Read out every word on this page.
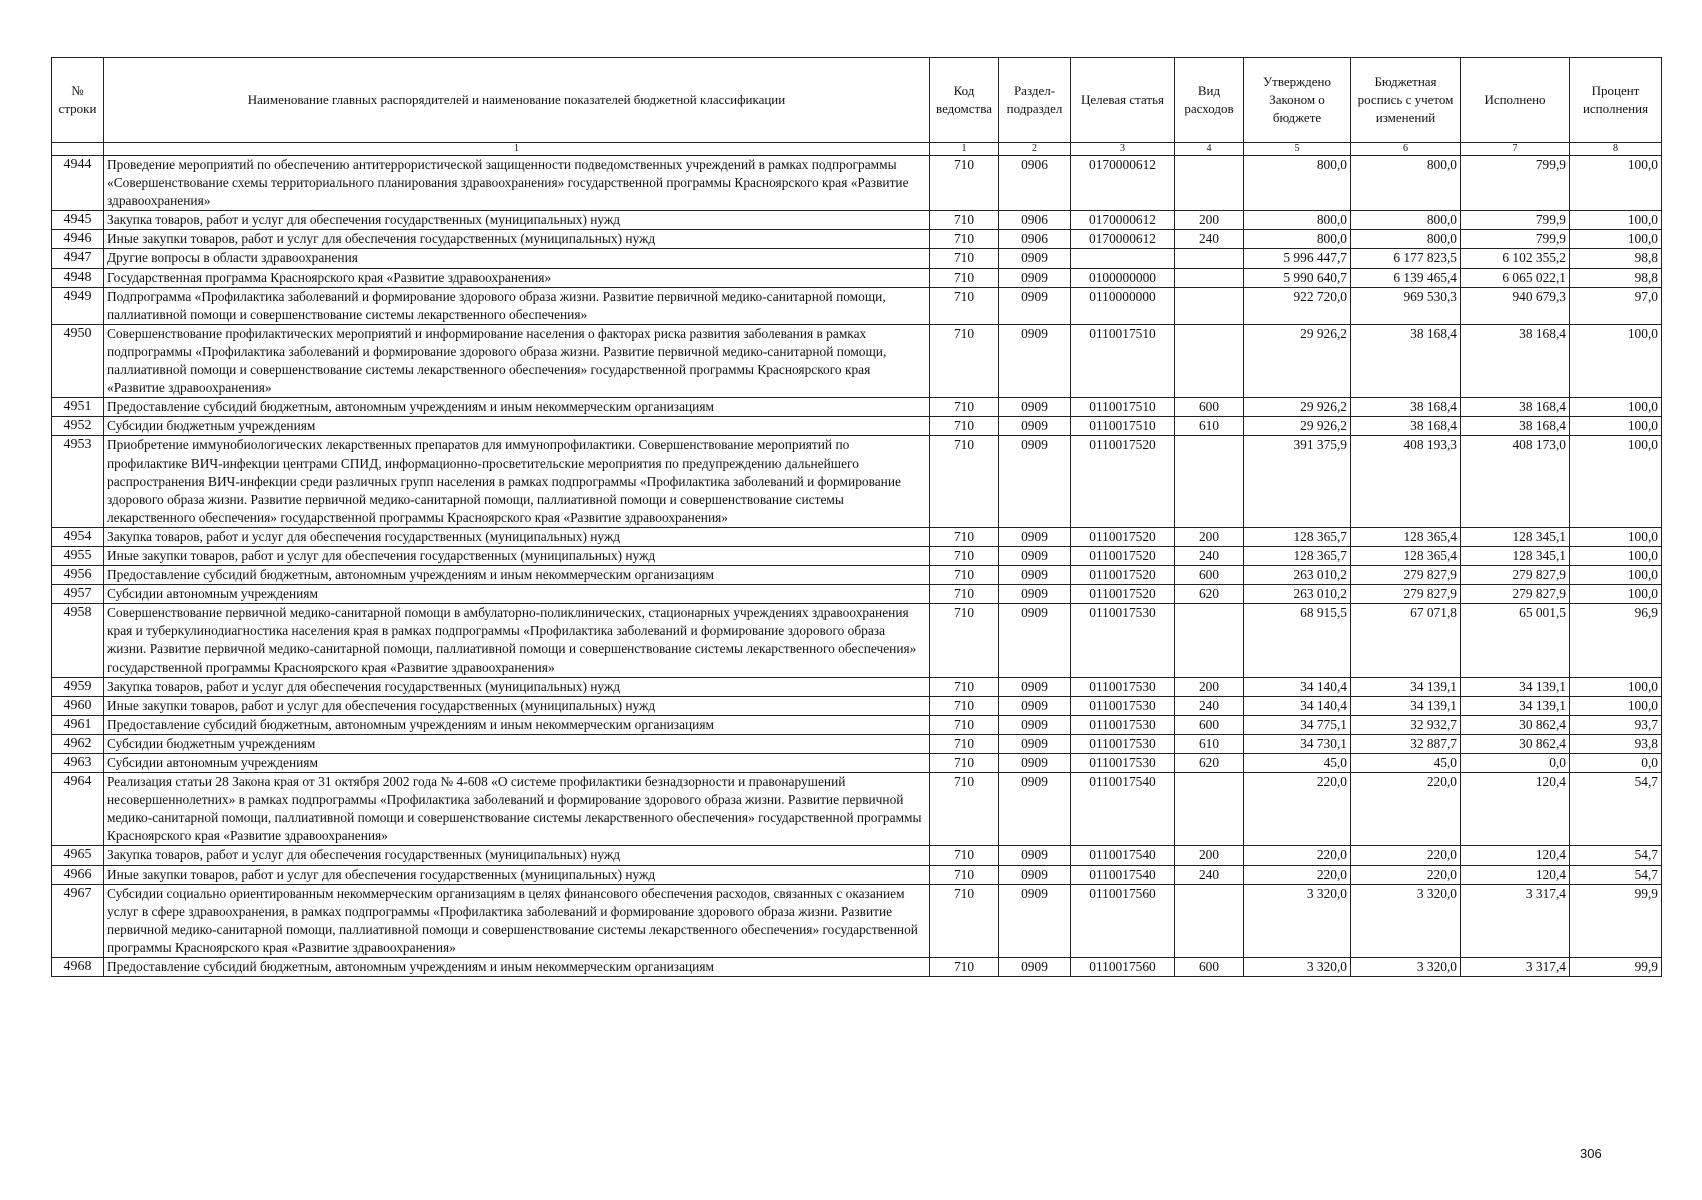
№ строки	Наименование главных распорядителей и наименование показателей бюджетной классификации	Код ведомства	Раздел-подраздел	Целевая статья	Вид расходов	Утверждено Законом о бюджете	Бюджетная роспись с учетом изменений	Исполнено	Процент исполнения
	1	1	2	3	4	5	6	7	8
4944	Проведение мероприятий по обеспечению антитеррористической защищенности подведомственных учреждений в рамках подпрограммы «Совершенствование схемы территориального планирования здравоохранения» государственной программы Красноярского края «Развитие здравоохранения»	710	0906	0170000612		800,0	800,0	799,9	100,0
4945	Закупка товаров, работ и услуг для обеспечения государственных (муниципальных) нужд	710	0906	0170000612	200	800,0	800,0	799,9	100,0
4946	Иные закупки товаров, работ и услуг для обеспечения государственных (муниципальных) нужд	710	0906	0170000612	240	800,0	800,0	799,9	100,0
4947	Другие вопросы в области здравоохранения	710	0909			5 996 447,7	6 177 823,5	6 102 355,2	98,8
4948	Государственная программа Красноярского края «Развитие здравоохранения»	710	0909	0100000000		5 990 640,7	6 139 465,4	6 065 022,1	98,8
4949	Подпрограмма «Профилактика заболеваний и формирование здорового образа жизни. Развитие первичной медико-санитарной помощи, паллиативной помощи и совершенствование системы лекарственного обеспечения»	710	0909	0110000000		922 720,0	969 530,3	940 679,3	97,0
4950	Совершенствование профилактических мероприятий и информирование населения о факторах риска развития заболевания в рамках подпрограммы «Профилактика заболеваний и формирование здорового образа жизни. Развитие первичной медико-санитарной помощи, паллиативной помощи и совершенствование системы лекарственного обеспечения» государственной программы Красноярского края «Развитие здравоохранения»	710	0909	0110017510		29 926,2	38 168,4	38 168,4	100,0
4951	Предоставление субсидий бюджетным, автономным учреждениям и иным некоммерческим организациям	710	0909	0110017510	600	29 926,2	38 168,4	38 168,4	100,0
4952	Субсидии бюджетным учреждениям	710	0909	0110017510	610	29 926,2	38 168,4	38 168,4	100,0
4953	Приобретение иммунобиологических лекарственных препаратов для иммунопрофилактики. Совершенствование мероприятий по профилактике ВИЧ-инфекции центрами СПИД, информационно-просветительские мероприятия по предупреждению дальнейшего распространения ВИЧ-инфекции среди различных групп населения в рамках подпрограммы «Профилактика заболеваний и формирование здорового образа жизни. Развитие первичной медико-санитарной помощи, паллиативной помощи и совершенствование системы лекарственного обеспечения» государственной программы Красноярского края «Развитие здравоохранения»	710	0909	0110017520		391 375,9	408 193,3	408 173,0	100,0
4954	Закупка товаров, работ и услуг для обеспечения государственных (муниципальных) нужд	710	0909	0110017520	200	128 365,7	128 365,4	128 345,1	100,0
4955	Иные закупки товаров, работ и услуг для обеспечения государственных (муниципальных) нужд	710	0909	0110017520	240	128 365,7	128 365,4	128 345,1	100,0
4956	Предоставление субсидий бюджетным, автономным учреждениям и иным некоммерческим организациям	710	0909	0110017520	600	263 010,2	279 827,9	279 827,9	100,0
4957	Субсидии автономным учреждениям	710	0909	0110017520	620	263 010,2	279 827,9	279 827,9	100,0
4958	Совершенствование первичной медико-санитарной помощи в амбулаторно-поликлинических, стационарных учреждениях здравоохранения края и туберкулинодиагностика населения края в рамках подпрограммы «Профилактика заболеваний и формирование здорового образа жизни. Развитие первичной медико-санитарной помощи, паллиативной помощи и совершенствование системы лекарственного обеспечения» государственной программы Красноярского края «Развитие здравоохранения»	710	0909	0110017530		68 915,5	67 071,8	65 001,5	96,9
4959	Закупка товаров, работ и услуг для обеспечения государственных (муниципальных) нужд	710	0909	0110017530	200	34 140,4	34 139,1	34 139,1	100,0
4960	Иные закупки товаров, работ и услуг для обеспечения государственных (муниципальных) нужд	710	0909	0110017530	240	34 140,4	34 139,1	34 139,1	100,0
4961	Предоставление субсидий бюджетным, автономным учреждениям и иным некоммерческим организациям	710	0909	0110017530	600	34 775,1	32 932,7	30 862,4	93,7
4962	Субсидии бюджетным учреждениям	710	0909	0110017530	610	34 730,1	32 887,7	30 862,4	93,8
4963	Субсидии автономным учреждениям	710	0909	0110017530	620	45,0	45,0	0,0	0,0
4964	Реализация статьи 28 Закона края от 31 октября 2002 года № 4-608 «О системе профилактики безнадзорности и правонарушений несовершеннолетних» в рамках подпрограммы «Профилактика заболеваний и формирование здорового образа жизни. Развитие первичной медико-санитарной помощи, паллиативной помощи и совершенствование системы лекарственного обеспечения» государственной программы Красноярского края «Развитие здравоохранения»	710	0909	0110017540		220,0	220,0	120,4	54,7
4965	Закупка товаров, работ и услуг для обеспечения государственных (муниципальных) нужд	710	0909	0110017540	200	220,0	220,0	120,4	54,7
4966	Иные закупки товаров, работ и услуг для обеспечения государственных (муниципальных) нужд	710	0909	0110017540	240	220,0	220,0	120,4	54,7
4967	Субсидии социально ориентированным некоммерческим организациям в целях финансового обеспечения расходов, связанных с оказанием услуг в сфере здравоохранения, в рамках подпрограммы «Профилактика заболеваний и формирование здорового образа жизни. Развитие первичной медико-санитарной помощи, паллиативной помощи и совершенствование системы лекарственного обеспечения» государственной программы Красноярского края «Развитие здравоохранения»	710	0909	0110017560		3 320,0	3 320,0	3 317,4	99,9
4968	Предоставление субсидий бюджетным, автономным учреждениям и иным некоммерческим организациям	710	0909	0110017560	600	3 320,0	3 320,0	3 317,4	99,9
306
